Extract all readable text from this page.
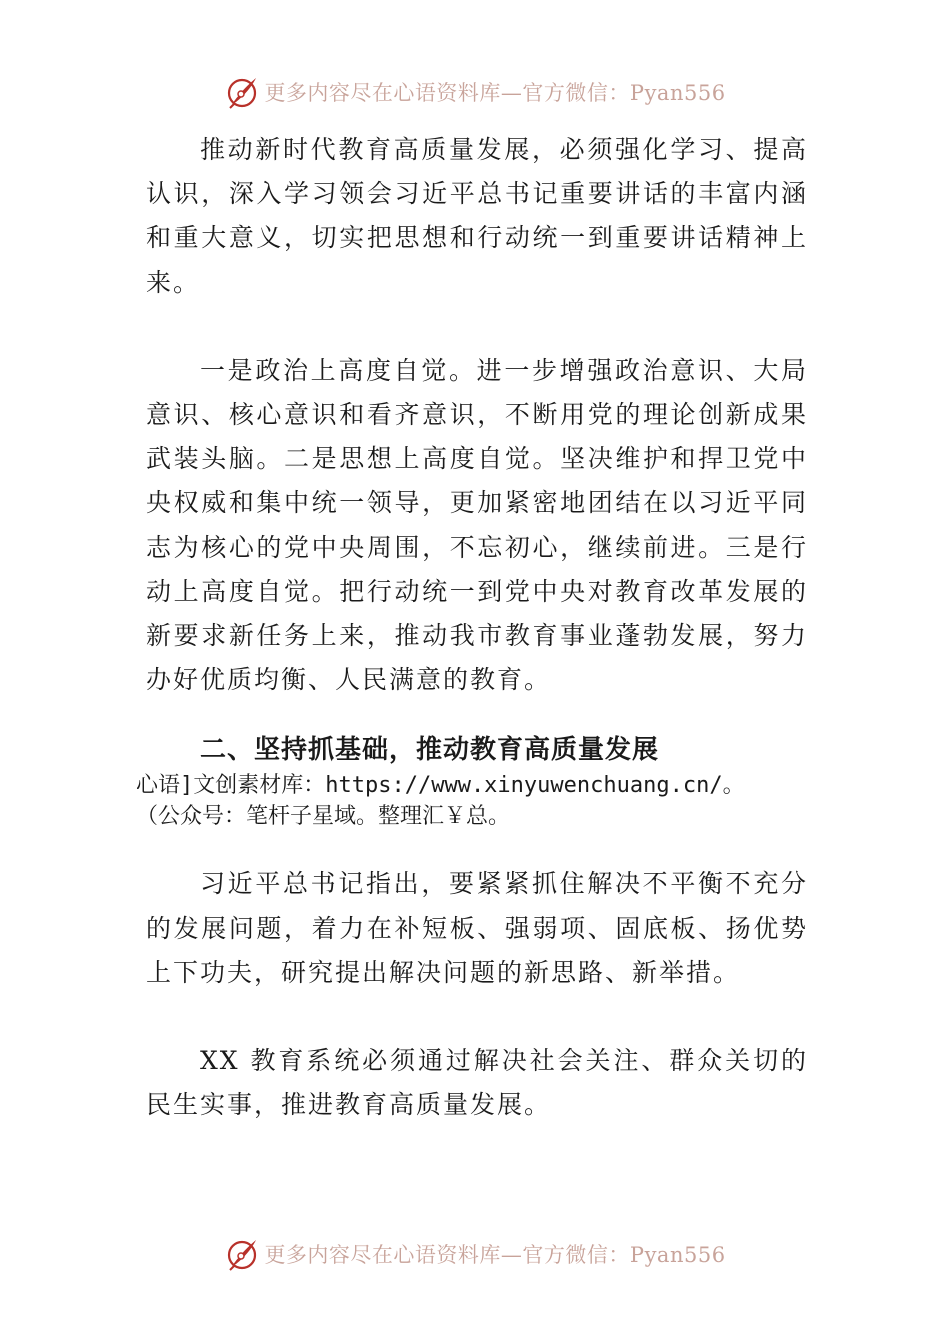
更多内容尽在心语资料库—官方微信：Pyan556

推动新时代教育高质量发展，必须强化学习、提高认识，深入学习领会习近平总书记重要讲话的丰富内涵和重大意义，切实把思想和行动统一到重要讲话精神上来。

一是政治上高度自觉。进一步增强政治意识、大局意识、核心意识和看齐意识，不断用党的理论创新成果武装头脑。二是思想上高度自觉。坚决维护和捍卫党中央权威和集中统一领导，更加紧密地团结在以习近平同志为核心的党中央周围，不忘初心，继续前进。三是行动上高度自觉。把行动统一到党中央对教育改革发展的新要求新任务上来，推动我市教育事业蓬勃发展，努力办好优质均衡、人民满意的教育。

二、坚持抓基础，推动教育高质量发展

心语]文创素材库：https://www.xinyuwenchuang.cn/。

（公众号：笔杆子星域。整理汇￥总。

习近平总书记指出，要紧紧抓住解决不平衡不充分的发展问题，着力在补短板、强弱项、固底板、扬优势上下功夫，研究提出解决问题的新思路、新举措。

XX 教育系统必须通过解决社会关注、群众关切的民生实事，推进教育高质量发展。

更多内容尽在心语资料库—官方微信：Pyan556
